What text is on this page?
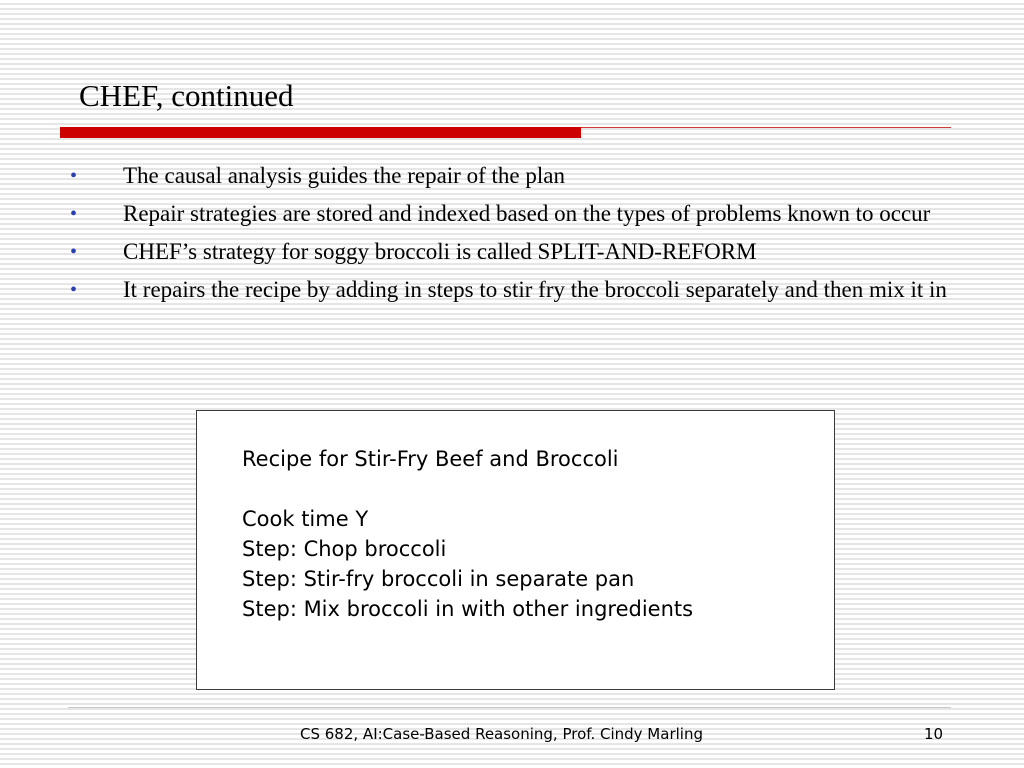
CHEF, continued
• The causal analysis guides the repair of the plan
• Repair strategies are stored and indexed based on the types of problems known to occur
• CHEF’s strategy for soggy broccoli is called SPLIT-AND-REFORM
• It repairs the recipe by adding in steps to stir fry the broccoli separately and then mix it in
Recipe for Stir-Fry Beef and Broccoli
Cook time Y
Step: Chop broccoli
Step: Stir-fry broccoli in separate pan
Step: Mix broccoli in with other ingredients
CS 682, AI:Case-Based Reasoning, Prof. Cindy Marling	10
